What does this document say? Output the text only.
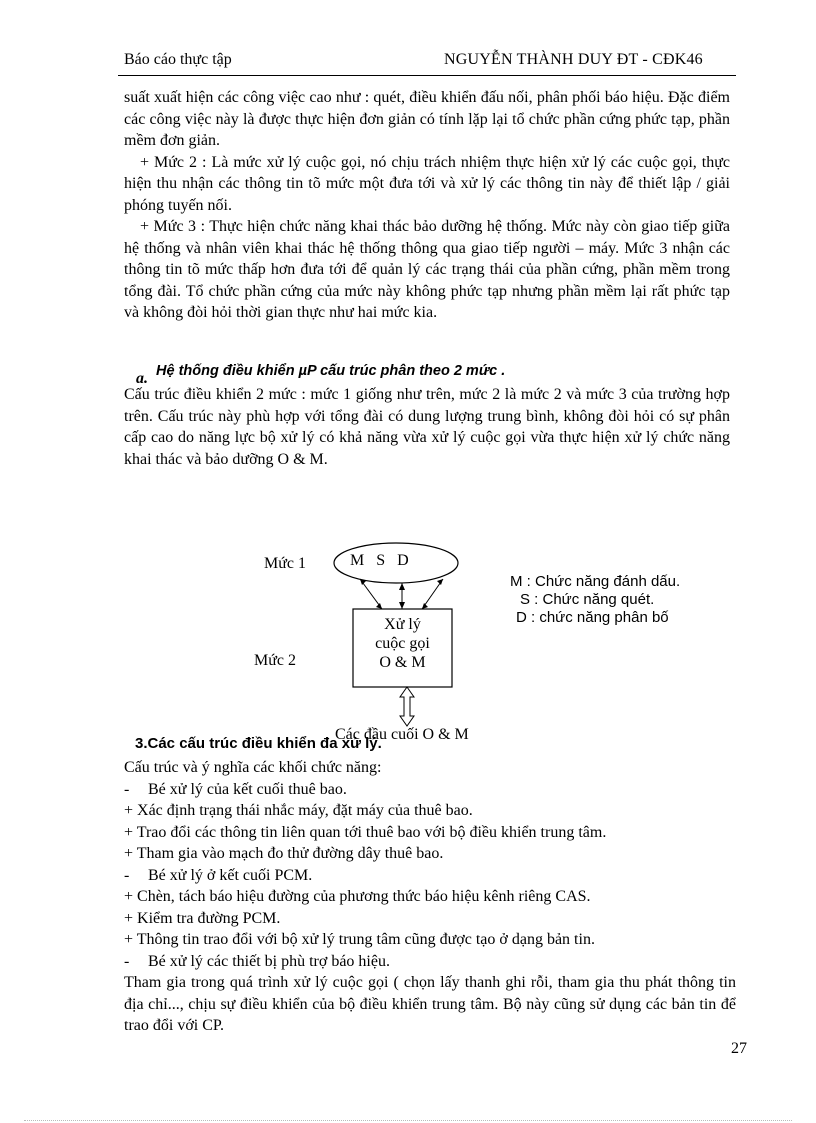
Báo cáo thực tập	NGUYỄN THÀNH DUY ĐT - CĐK46

suất xuất hiện các công việc cao như : quét, điều khiển đấu nối, phân phối báo hiệu. Đặc điểm các công việc này là được thực hiện đơn giản có tính lặp lại tổ chức phần cứng phức tạp, phần mềm đơn giản.

+ Mức 2 : Là mức xử lý cuộc gọi, nó chịu trách nhiệm thực hiện xử lý các cuộc gọi, thực hiện thu nhận các thông tin tõ mức một đưa tới và xử lý các thông tin này để thiết lập / giải phóng tuyến nối.

+ Mức 3 : Thực hiện chức năng khai thác bảo dưỡng hệ thống. Mức này còn giao tiếp giữa hệ thống và nhân viên khai thác hệ thống thông qua giao tiếp người – máy. Mức 3 nhận các thông tin tõ mức thấp hơn đưa tới để quản lý các trạng thái của phần cứng, phần mềm trong tổng đài. Tổ chức phần cứng của mức này không phức tạp nhưng phần mềm lại rất phức tạp và không đòi hỏi thời gian thực như hai mức kia.

a. Hệ thống điều khiển µP cấu trúc phân theo 2 mức .

Cấu trúc điều khiển 2 mức : mức 1 giống như trên, mức 2 là mức 2 và mức 3 của trường hợp trên. Cấu trúc này phù hợp với tổng đài có dung lượng trung bình, không đòi hỏi có sự phân cấp cao do năng lực bộ xử lý có khả năng vừa xử lý cuộc gọi vừa thực hiện xử lý chức năng khai thác và bảo dưỡng O & M.

Mức 1
Mức 2
M   S   D
Xử lý
cuộc gọi
O & M
Các đầu cuối O & M
M : Chức năng đánh dấu.
S : Chức năng quét.
D : chức năng phân bố
3.Các cấu trúc điều khiển đa xử lý.

Cấu trúc và ý nghĩa các khối chức năng:

- Bé xử lý của kết cuối thuê bao.

+ Xác định trạng thái nhắc máy, đặt máy của thuê bao.

+ Trao đổi các thông tin liên quan tới thuê bao với bộ điều khiển trung tâm.

+ Tham gia vào mạch đo thử đường dây thuê bao.

- Bé xử lý ở kết cuối PCM.

+ Chèn, tách báo hiệu đường của phương thức báo hiệu kênh riêng CAS.

+ Kiểm tra đường PCM.

+ Thông tin trao đổi với bộ xử lý trung tâm cũng được tạo ở dạng bản tin.

- Bé xử lý các thiết bị phù trợ báo hiệu.

Tham gia trong quá trình xử lý cuộc gọi ( chọn lấy thanh ghi rỗi, tham gia thu phát thông tin địa chỉ..., chịu sự điều khiển của bộ điều khiển trung tâm. Bộ này cũng sử dụng các bản tin để trao đổi với CP.

27
